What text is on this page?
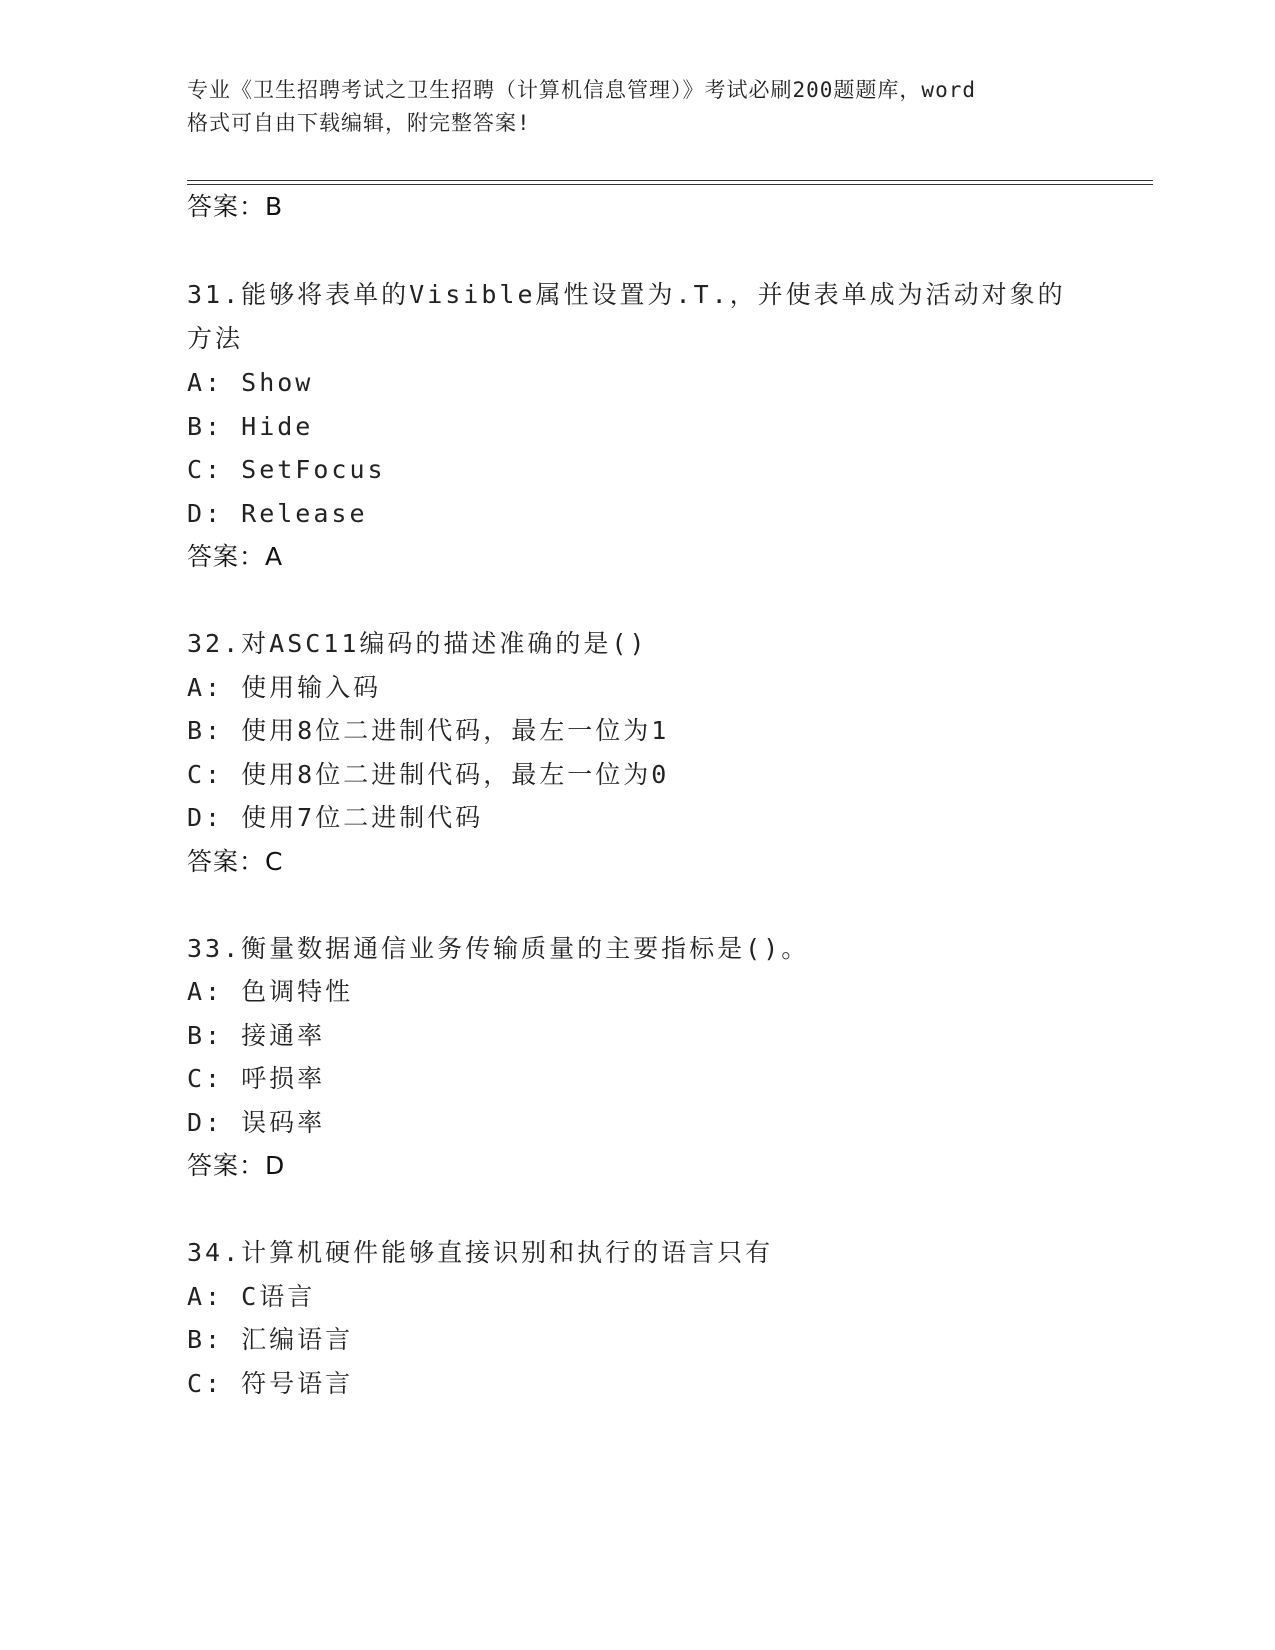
专业《卫生招聘考试之卫生招聘（计算机信息管理）》考试必刷200题题库，word
格式可自由下载编辑，附完整答案!
答案：B
31.能够将表单的Visible属性设置为.T.，并使表单成为活动对象的
方法
A: Show
B: Hide
C: SetFocus
D: Release
答案：A
32.对ASC11编码的描述准确的是()
A: 使用输入码
B: 使用8位二进制代码，最左一位为1
C: 使用8位二进制代码，最左一位为0
D: 使用7位二进制代码
答案：C
33.衡量数据通信业务传输质量的主要指标是()。
A: 色调特性
B: 接通率
C: 呼损率
D: 误码率
答案：D
34.计算机硬件能够直接识别和执行的语言只有
A: C语言
B: 汇编语言
C: 符号语言
